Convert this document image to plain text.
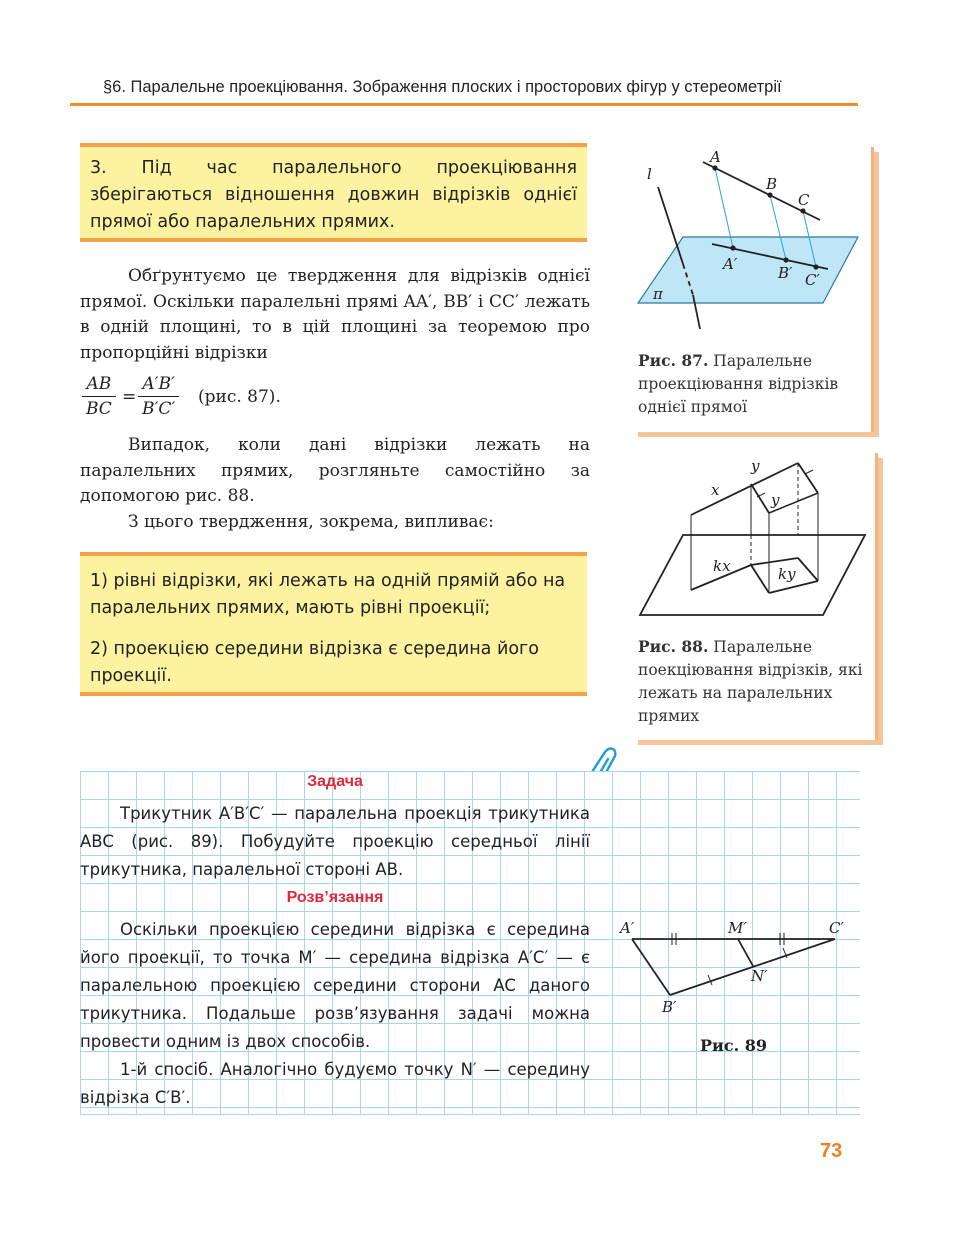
§6. Паралельне проекціювання. Зображення плоских і просторових фігур у стереометрії

3. Під час паралельного проекціювання зберігаються відношення довжин відрізків однієї прямої або паралельних прямих.

Обґрунтуємо це твердження для відрізків однієї прямої. Оскільки паралельні прямі AA′, BB′ і CC′ лежать в одній площині, то в цій площині за теоремою про пропорційні відрізки

$\frac{AB}{BC} = \frac{A'B'}{B'C'} (рис$. 87).

Випадок, коли дані відрізки лежать на паралельних прямих, розгляньте самостійно за допомогою рис. 88.

З цього твердження, зокрема, випливає:

1) рівні відрізки, які лежать на одній прямій або на паралельних прямих, мають рівні проекції;

2) проекцією середини відрізка є середина його проекції.

l
A
B
C
A′	B′ C′
π
Рис. 87. Паралельне проекціювання відрізків однієї прямої
x
y
y
kx	ky
Рис. 88. Паралельне поекціювання відрізків, які лежать на паралельних прямих
Задача

Трикутник A′B′C′ — паралельна проекція трикутника ABC (рис. 89). Побудуйте проекцію середньої лінії трикутника, паралельної стороні AB.

Розв’язання

Оскільки проекцією середини відрізка є середина його проекції, то точка M′ — середина відрізка A′C′ — є паралельною проекцією середини сторони AC даного трикутника. Подальше розв’язування задачі можна провести одним із двох способів.

1-й спосіб. Аналогічно будуємо точку N′ — середину відрізка C′B′.

A′	M′	C′
N′
B′
Рис. 89
73
